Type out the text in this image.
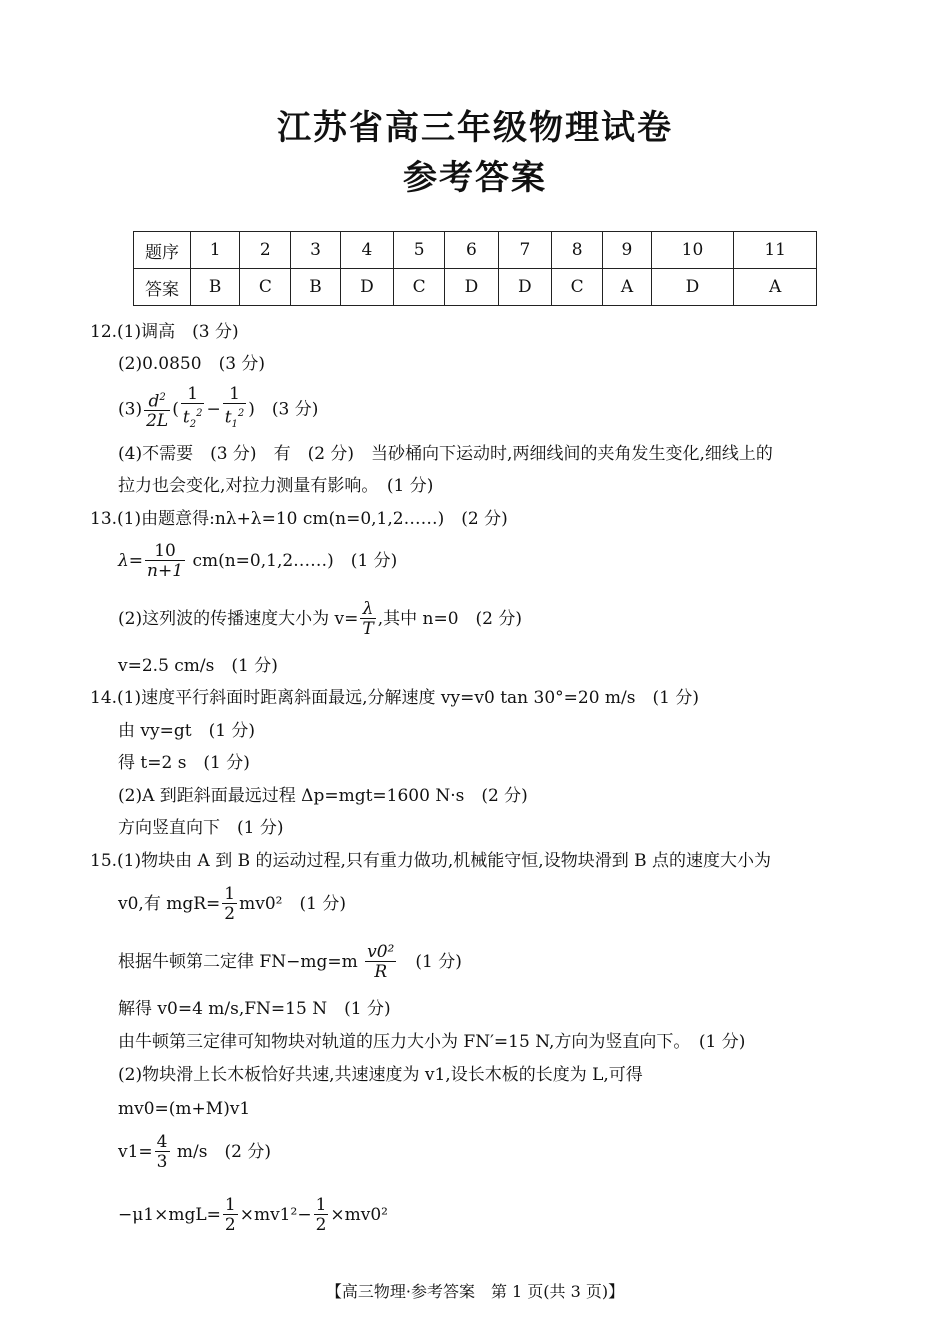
江苏省高三年级物理试卷
参考答案
题序	1	2	3	4	5	6	7	8	9	10	11
答案	B	C	B	D	C	D	D	C	A	D	A
12.(1)调高　(3 分)
(2)0.0850　(3 分)
$(3) \frac{d^2}{2L}$ ( $\frac{1}{t_2^2} - \frac{1}{t_1^2}$ )　(3 分)
(4)不需要　(3 分)　有　(2 分)　当砂桶向下运动时,两细线间的夹角发生变化,细线上的
拉力也会变化,对拉力测量有影响。　(1 分)
13.(1)由题意得:nλ+λ=10 cm(n=0,1,2……)　(2 分)
$\lambda= \frac{10}{n+1}$ cm(n=0,1,2……)　(1 分)
(2)这列波的传播速度大小为 $v= \frac{\lambda}{T}$ ,其中 n=0　(2 分)
v=2.5 cm/s　(1 分)
14.(1)速度平行斜面时距离斜面最远,分解速度 vy=v0 tan 30°=20 m/s　(1 分)
由 vy=gt　(1 分)
得 t=2 s　(1 分)
(2)A 到距斜面最远过程 Δp=mgt=1600 N·s　(2 分)
方向竖直向下　(1 分)
15.(1)物块由 A 到 B 的运动过程,只有重力做功,机械能守恒,设物块滑到 B 点的速度大小为
v0,有 $mgR= \frac{1}{2} mv0^2$　(1 分)
根据牛顿第二定律 $FN-mg=m \frac{\text{v0²}}{R}$
　 (1 分)
解得 v0=4 m/s,FN=15 N　(1 分)
由牛顿第三定律可知物块对轨道的压力大小为 FN′=15 N,方向为竖直向下。　(1 分)
(2)物块滑上长木板恰好共速,共速速度为 v1,设长木板的长度为 L,可得
mv0=(m+M)v1
$v1= \frac{4}{3} m/s$　(2 分)
$-\mu 1\times mgL= \frac{1}{2} \times mv1^2- \frac{1}{2} \times mv0^2$
【高三物理·参考答案　第 1 页(共 3 页)】
